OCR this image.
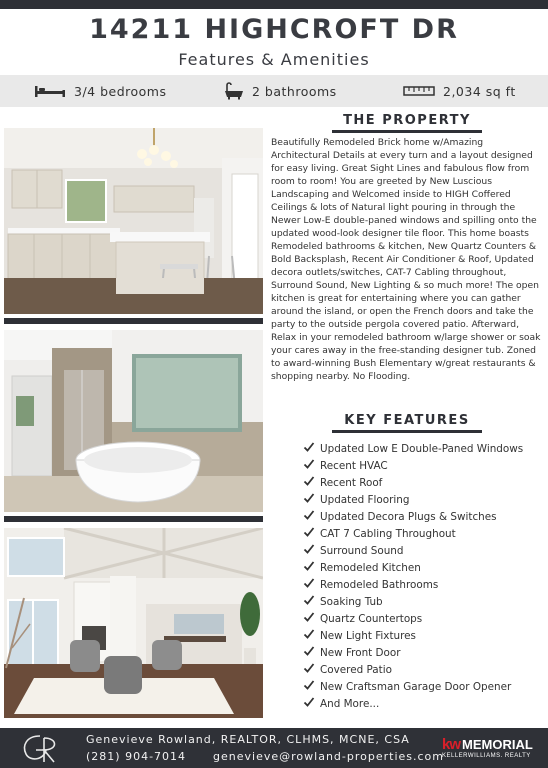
14211 HIGHCROFT DR
Features & Amenities
3/4 bedrooms	2 bathrooms	2,034 sq ft
THE PROPERTY
Beautifully Remodeled Brick home w/Amazing Architectural Details at every turn and a layout designed for easy living. Great Sight Lines and fabulous flow from room to room! You are greeted by New Luscious Landscaping and Welcomed inside to HIGH Coffered Ceilings & lots of Natural light pouring in through the Newer Low-E double-paned windows and spilling onto the updated wood-look designer tile floor. This home boasts Remodeled bathrooms & kitchen, New Quartz Counters & Bold Backsplash, Recent Air Conditioner & Roof, Updated decora outlets/switches, CAT-7 Cabling throughout, Surround Sound, New Lighting & so much more! The open kitchen is great for entertaining where you can gather around the island, or open the French doors and take the party to the outside pergola covered patio. Afterward, Relax in your remodeled bathroom w/large shower or soak your cares away in the free-standing designer tub. Zoned to award-winning Bush Elementary w/great restaurants & shopping nearby. No Flooding.
KEY FEATURES
Updated Low E Double-Paned Windows
Recent HVAC
Recent Roof
Updated Flooring
Updated Decora Plugs & Switches
CAT 7 Cabling Throughout
Surround Sound
Remodeled Kitchen
Remodeled Bathrooms
Soaking Tub
Quartz Countertops
New Light Fixtures
New Front Door
Covered Patio
New Craftsman Garage Door Opener
And More...
Genevieve Rowland, REALTOR, CLHMS, MCNE, CSA
(281) 904-7014 genevieve@rowland-properties.com
kw MEMORIAL
KELLERWILLIAMS. REALTY
